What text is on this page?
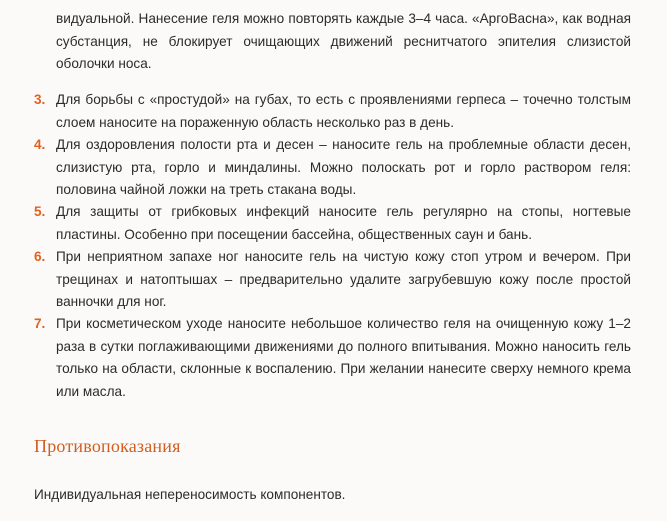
видуальной. Нанесение геля можно повторять каждые 3–4 часа. «АргоВасна», как водная субстанция, не блокирует очищающих движений реснитчатого эпителия слизистой оболочки носа.
3. Для борьбы с «простудой» на губах, то есть с проявлениями герпеса – точечно толстым слоем наносите на пораженную область несколько раз в день.
4. Для оздоровления полости рта и десен – наносите гель на проблемные области десен, слизистую рта, горло и миндалины. Можно полоскать рот и горло раствором геля: половина чайной ложки на треть стакана воды.
5. Для защиты от грибковых инфекций наносите гель регулярно на стопы, ногтевые пластины. Особенно при посещении бассейна, общественных саун и бань.
6. При неприятном запахе ног наносите гель на чистую кожу стоп утром и вечером. При трещинах и натоптышах – предварительно удалите загрубевшую кожу после простой ванночки для ног.
7. При косметическом уходе наносите небольшое количество геля на очищенную кожу 1–2 раза в сутки поглаживающими движениями до полного впитывания. Можно наносить гель только на области, склонные к воспалению. При желании нанесите сверху немного крема или масла.
Противопоказания
Индивидуальная непереносимость компонентов.
